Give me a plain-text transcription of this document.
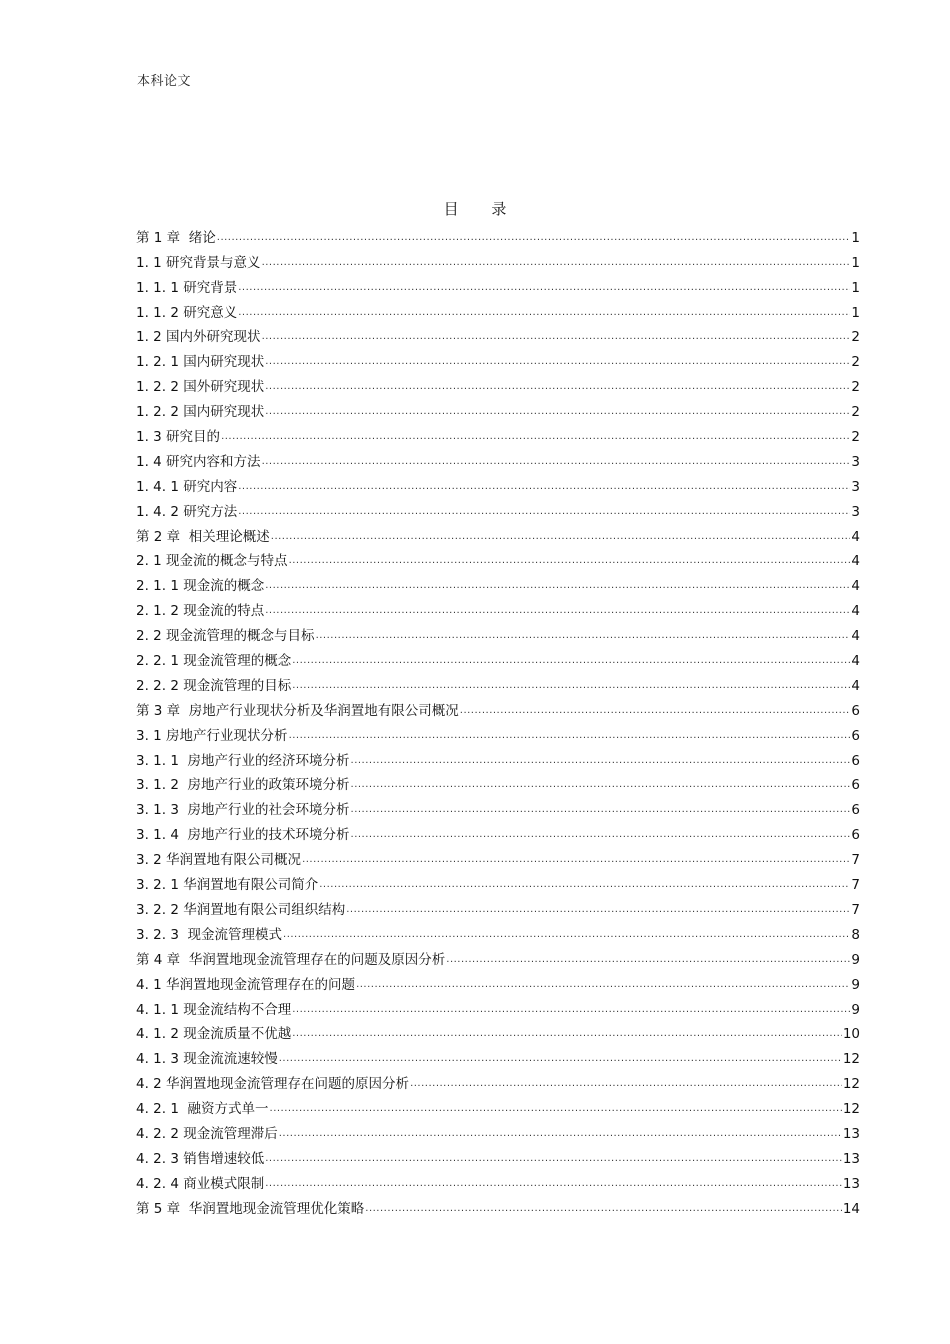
本科论文
目 录
第 1 章  绪论 .....	1
1. 1 研究背景与意义 .....	1
1. 1. 1 研究背景 .....	1
1. 1. 2 研究意义 .....	1
1. 2 国内外研究现状 .....	2
1. 2. 1 国内研究现状 .....	2
1. 2. 2 国外研究现状 .....	2
1. 2. 2 国内研究现状 .....	2
1. 3 研究目的 .....	2
1. 4 研究内容和方法 .....	3
1. 4. 1 研究内容 .....	3
1. 4. 2 研究方法 .....	3
第 2 章  相关理论概述 .....	4
2. 1 现金流的概念与特点 .....	4
2. 1. 1 现金流的概念 .....	4
2. 1. 2 现金流的特点 .....	4
2. 2 现金流管理的概念与目标 .....	4
2. 2. 1 现金流管理的概念 .....	4
2. 2. 2 现金流管理的目标 .....	4
第 3 章  房地产行业现状分析及华润置地有限公司概况 .....	6
3. 1 房地产行业现状分析 .....	6
3. 1. 1  房地产行业的经济环境分析 .....	6
3. 1. 2  房地产行业的政策环境分析 .....	6
3. 1. 3  房地产行业的社会环境分析 .....	6
3. 1. 4  房地产行业的技术环境分析 .....	6
3. 2 华润置地有限公司概况 .....	7
3. 2. 1 华润置地有限公司简介 .....	7
3. 2. 2 华润置地有限公司组织结构 .....	7
3. 2. 3  现金流管理模式 .....	8
第 4 章  华润置地现金流管理存在的问题及原因分析 .....	9
4. 1 华润置地现金流管理存在的问题 .....	9
4. 1. 1 现金流结构不合理 .....	9
4. 1. 2 现金流质量不优越 .....	10
4. 1. 3 现金流流速较慢 .....	12
4. 2 华润置地现金流管理存在问题的原因分析 .....	12
4. 2. 1  融资方式单一 .....	12
4. 2. 2 现金流管理滞后 .....	13
4. 2. 3 销售增速较低 .....	13
4. 2. 4 商业模式限制 .....	13
第 5 章  华润置地现金流管理优化策略 .....	14
